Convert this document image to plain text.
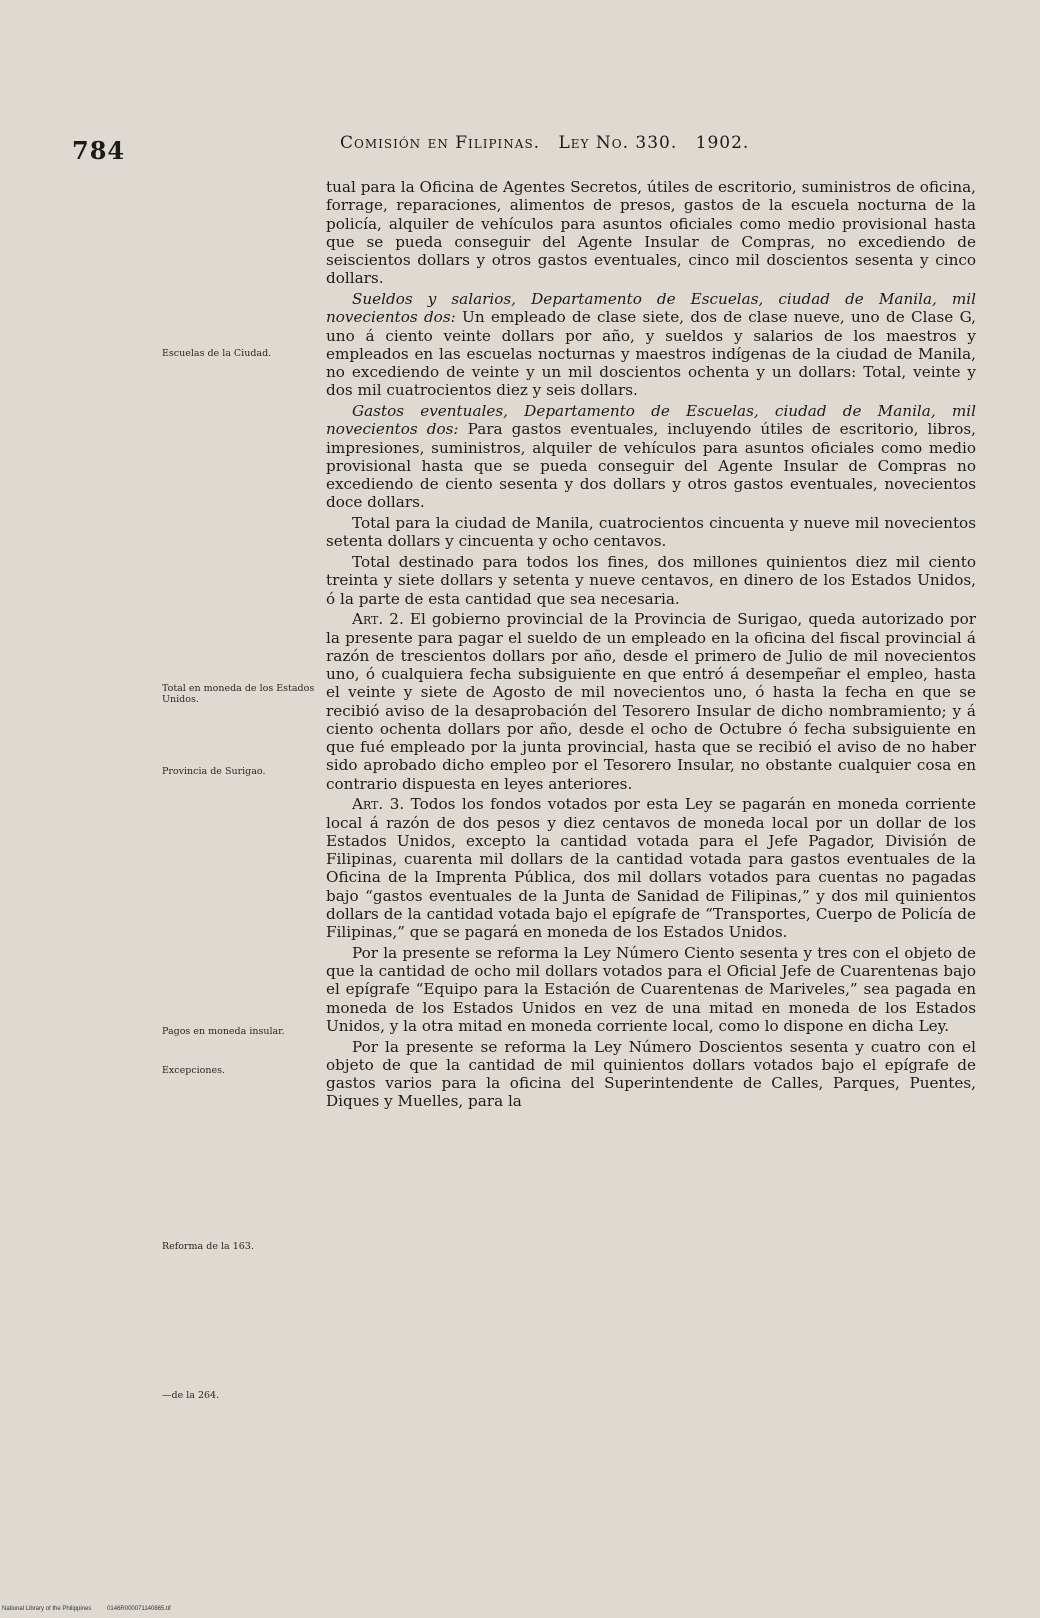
784	Comisión en Filipinas. Ley No. 330. 1902.
Escuelas de la Ciudad.
Total en moneda de los Estados Unidos.
Provincia de Surigao.
Pagos en moneda insular.
Excepciones.
Reforma de la 163.
—de la 264.

tual para la Oficina de Agentes Secretos, útiles de escritorio, suministros de oficina, forrage, reparaciones, alimentos de presos, gastos de la escuela nocturna de la policía, alquiler de vehículos para asuntos oficiales como medio provisional hasta que se pueda conseguir del Agente Insular de Compras, no excediendo de seiscientos dollars y otros gastos eventuales, cinco mil doscientos sesenta y cinco dollars.

Sueldos y salarios, Departamento de Escuelas, ciudad de Manila, mil novecientos dos: Un empleado de clase siete, dos de clase nueve, uno de Clase G, uno á ciento veinte dollars por año, y sueldos y salarios de los maestros y empleados en las escuelas nocturnas y maestros indígenas de la ciudad de Manila, no excediendo de veinte y un mil doscientos ochenta y un dollars: Total, veinte y dos mil cuatrocientos diez y seis dollars.

Gastos eventuales, Departamento de Escuelas, ciudad de Manila, mil novecientos dos: Para gastos eventuales, incluyendo útiles de escritorio, libros, impresiones, suministros, alquiler de vehículos para asuntos oficiales como medio provisional hasta que se pueda conseguir del Agente Insular de Compras no excediendo de ciento sesenta y dos dollars y otros gastos eventuales, novecientos doce dollars.

Total para la ciudad de Manila, cuatrocientos cincuenta y nueve mil novecientos setenta dollars y cincuenta y ocho centavos.

Total destinado para todos los fines, dos millones quinientos diez mil ciento treinta y siete dollars y setenta y nueve centavos, en dinero de los Estados Unidos, ó la parte de esta cantidad que sea necesaria.

Art. 2. El gobierno provincial de la Provincia de Surigao, queda autorizado por la presente para pagar el sueldo de un empleado en la oficina del fiscal provincial á razón de trescientos dollars por año, desde el primero de Julio de mil novecientos uno, ó cualquiera fecha subsiguiente en que entró á desempeñar el empleo, hasta el veinte y siete de Agosto de mil novecientos uno, ó hasta la fecha en que se recibió aviso de la desaprobación del Tesorero Insular de dicho nombramiento; y á ciento ochenta dollars por año, desde el ocho de Octubre ó fecha subsiguiente en que fué empleado por la junta provincial, hasta que se recibió el aviso de no haber sido aprobado dicho empleo por el Tesorero Insular, no obstante cualquier cosa en contrario dispuesta en leyes anteriores.

Art. 3. Todos los fondos votados por esta Ley se pagarán en moneda corriente local á razón de dos pesos y diez centavos de moneda local por un dollar de los Estados Unidos, excepto la cantidad votada para el Jefe Pagador, División de Filipinas, cuarenta mil dollars de la cantidad votada para gastos eventuales de la Oficina de la Imprenta Pública, dos mil dollars votados para cuentas no pagadas bajo “gastos eventuales de la Junta de Sanidad de Filipinas,” y dos mil quinientos dollars de la cantidad votada bajo el epígrafe de “Transportes, Cuerpo de Policía de Filipinas,” que se pagará en moneda de los Estados Unidos.

Por la presente se reforma la Ley Número Ciento sesenta y tres con el objeto de que la cantidad de ocho mil dollars votados para el Oficial Jefe de Cuarentenas bajo el epígrafe “Equipo para la Estación de Cuarentenas de Mariveles,” sea pagada en moneda de los Estados Unidos en vez de una mitad en moneda de los Estados Unidos, y la otra mitad en moneda corriente local, como lo dispone en dicha Ley.

Por la presente se reforma la Ley Número Doscientos sesenta y cuatro con el objeto de que la cantidad de mil quinientos dollars votados bajo el epígrafe de gastos varios para la oficina del Superintendente de Calles, Parques, Puentes, Diques y Muelles, para la

National Library of the Philippines	0146R000071140865.tif
